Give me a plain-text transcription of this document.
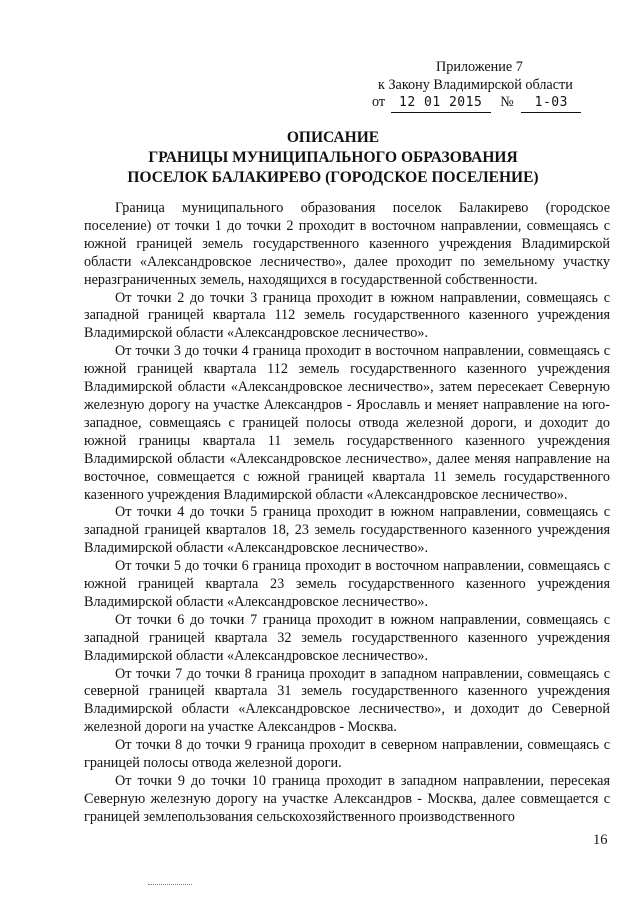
Приложение 7
к Закону Владимирской области
от 12 01 2015 № 1-03
ОПИСАНИЕ
ГРАНИЦЫ МУНИЦИПАЛЬНОГО ОБРАЗОВАНИЯ
ПОСЕЛОК БАЛАКИРЕВО (ГОРОДСКОЕ ПОСЕЛЕНИЕ)

Граница муниципального образования поселок Балакирево (городское поселение) от точки 1 до точки 2 проходит в восточном направлении, совмещаясь с южной границей земель государственного казенного учреждения Владимирской области «Александровское лесничество», далее проходит по земельному участку неразграниченных земель, находящихся в государственной собственности.

От точки 2 до точки 3 граница проходит в южном направлении, совмещаясь с западной границей квартала 112 земель государственного казенного учреждения Владимирской области «Александровское лесничество».

От точки 3 до точки 4 граница проходит в восточном направлении, совмещаясь с южной границей квартала 112 земель государственного казенного учреждения Владимирской области «Александровское лесничество», затем пересекает Северную железную дорогу на участке Александров - Ярославль и меняет направление на юго-западное, совмещаясь с границей полосы отвода железной дороги, и доходит до южной границы квартала 11 земель государственного казенного учреждения Владимирской области «Александровское лесничество», далее меняя направление на восточное, совмещается с южной границей квартала 11 земель государственного казенного учреждения Владимирской области «Александровское лесничество».

От точки 4 до точки 5 граница проходит в южном направлении, совмещаясь с западной границей кварталов 18, 23 земель государственного казенного учреждения Владимирской области «Александровское лесничество».

От точки 5 до точки 6 граница проходит в восточном направлении, совмещаясь с южной границей квартала 23 земель государственного казенного учреждения Владимирской области «Александровское лесничество».

От точки 6 до точки 7 граница проходит в южном направлении, совмещаясь с западной границей квартала 32 земель государственного казенного учреждения Владимирской области «Александровское лесничество».

От точки 7 до точки 8 граница проходит в западном направлении, совмещаясь с северной границей квартала 31 земель государственного казенного учреждения Владимирской области «Александровское лесничество», и доходит до Северной железной дороги на участке Александров - Москва.

От точки 8 до точки 9 граница проходит в северном направлении, совмещаясь с границей полосы отвода железной дороги.

От точки 9 до точки 10 граница проходит в западном направлении, пересекая Северную железную дорогу на участке Александров - Москва, далее совмещается с границей землепользования сельскохозяйственного производственного

16
